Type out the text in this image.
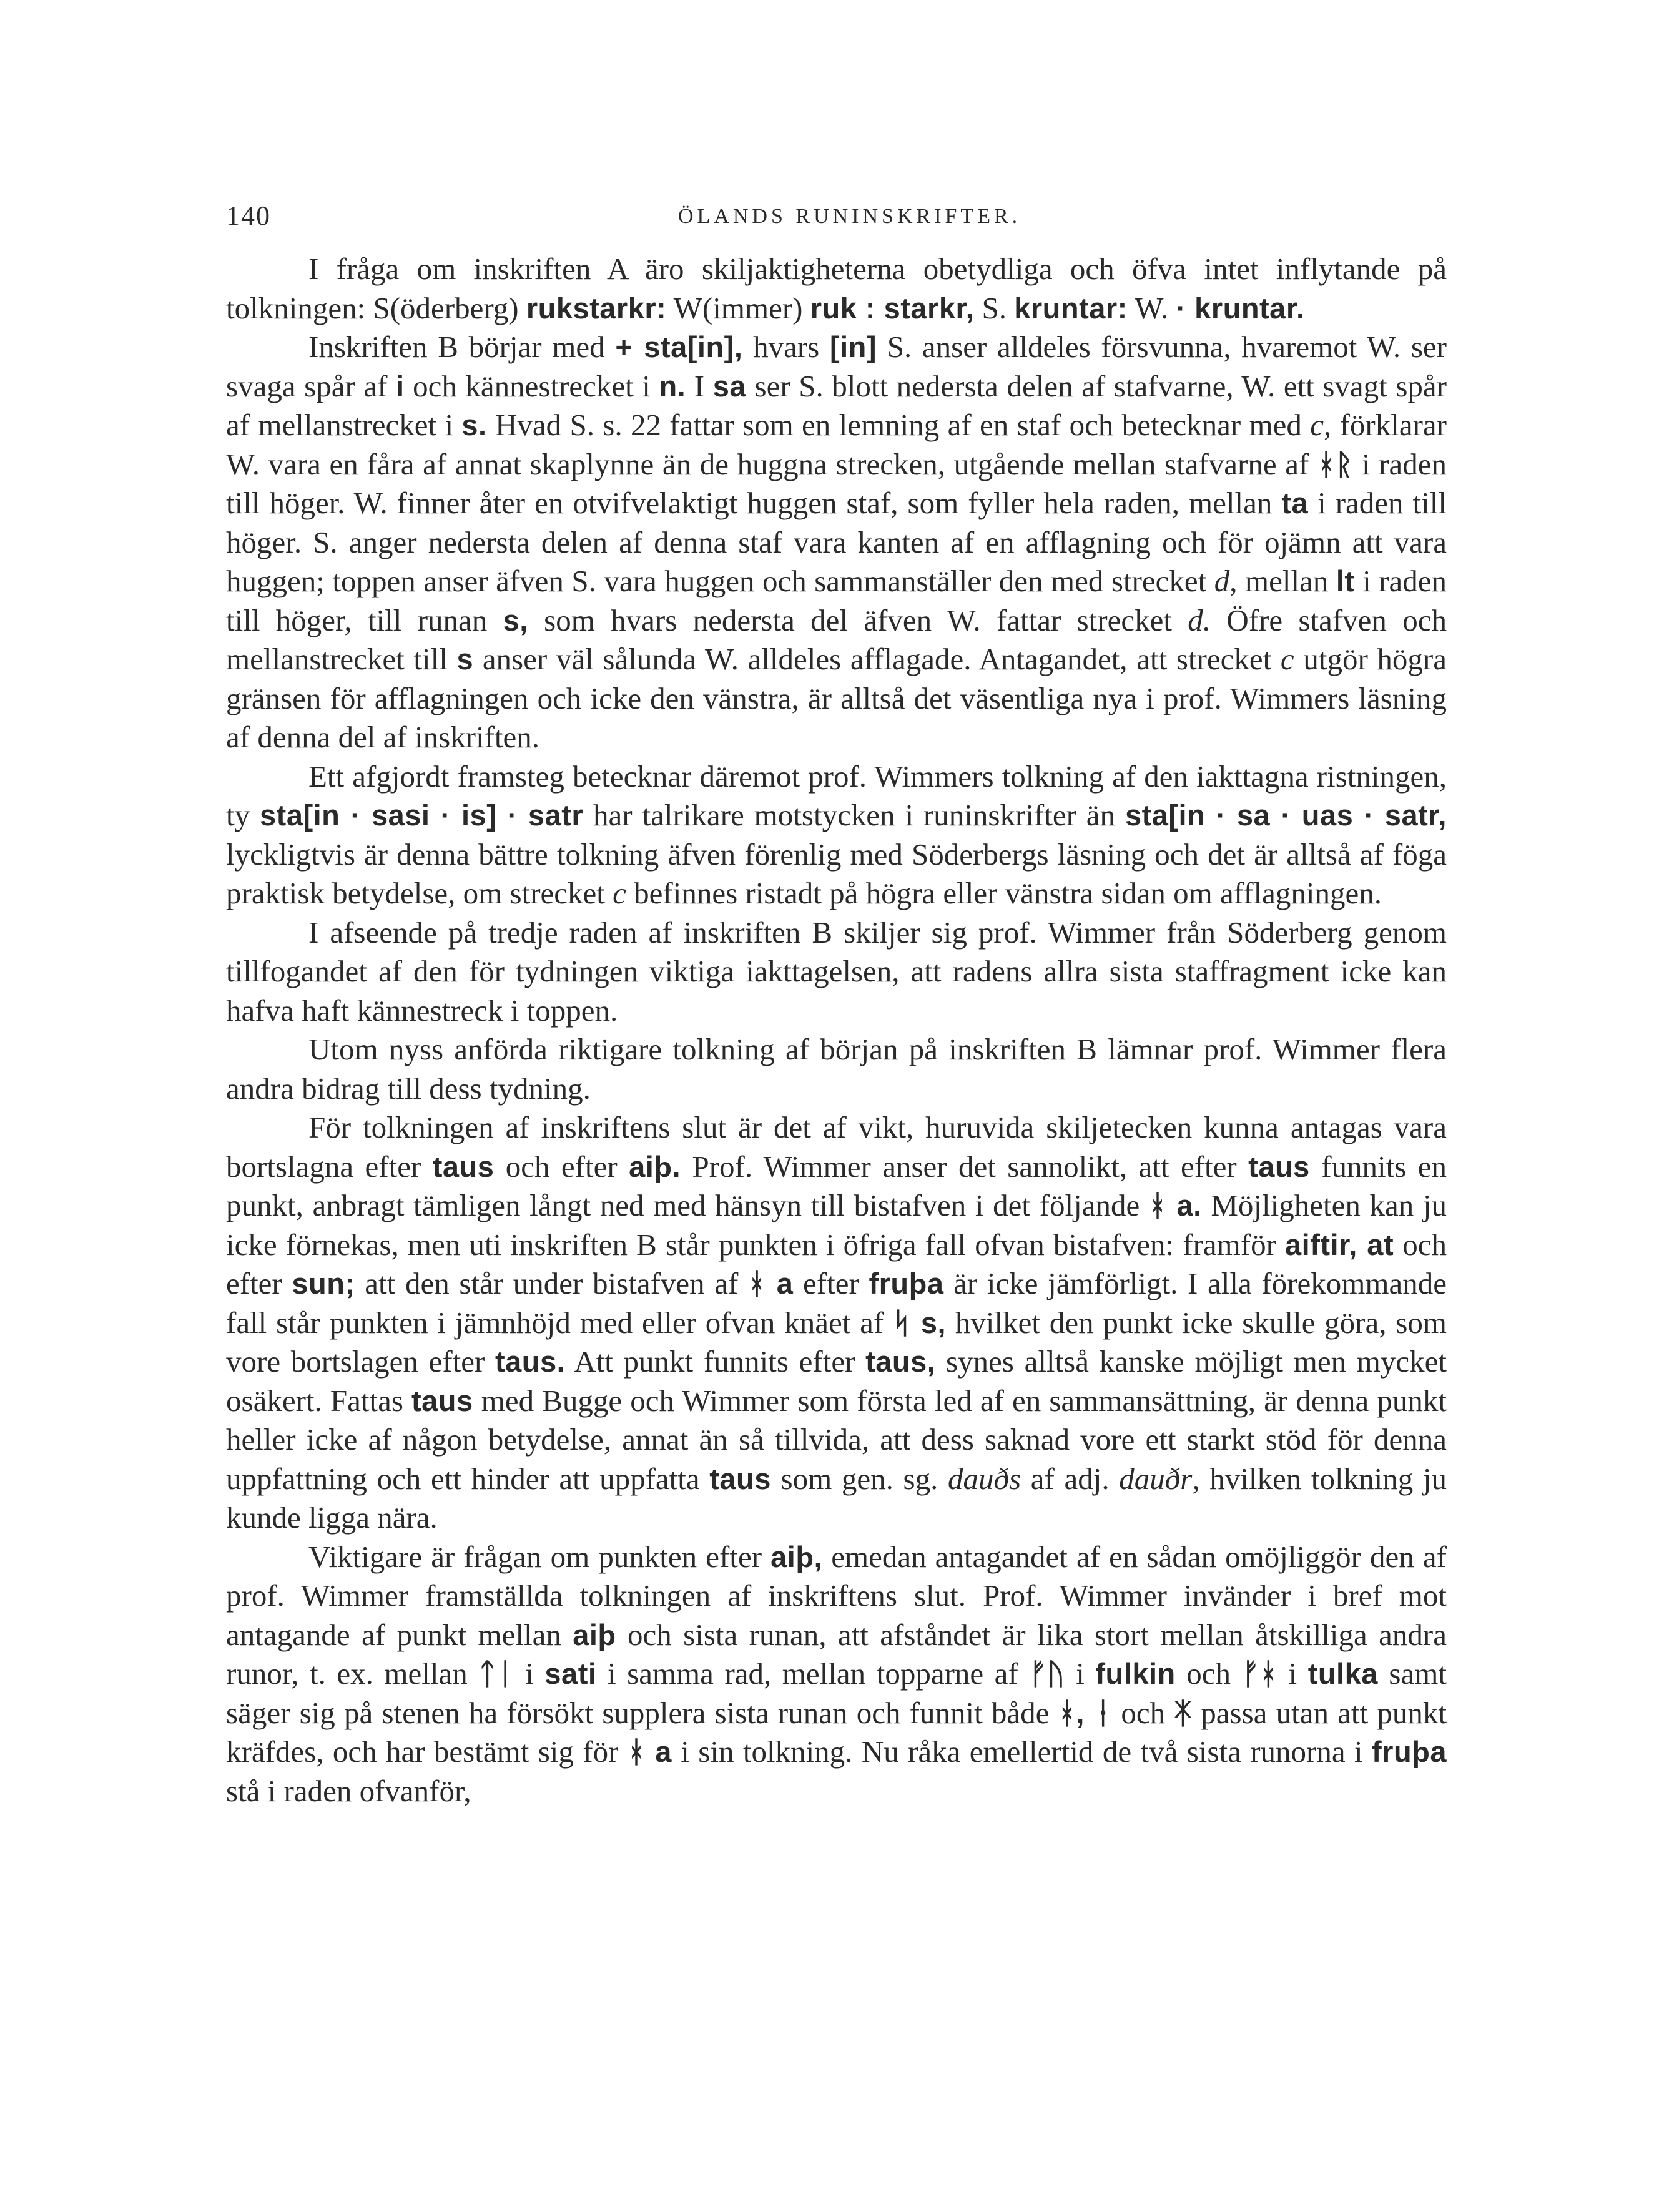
140	ÖLANDS RUNINSKRIFTER.

I fråga om inskriften A äro skiljaktigheterna obetydliga och öfva intet inflytande på tolkningen: S(öderberg) rukstarkr: W(immer) ruk : starkr, S. kruntar: W. · kruntar.

Inskriften B börjar med + sta[in], hvars [in] S. anser alldeles försvunna, hvaremot W. ser svaga spår af i och kännestrecket i n. I sa ser S. blott nedersta delen af stafvarne, W. ett svagt spår af mellanstrecket i s. Hvad S. s. 22 fattar som en lemning af en staf och betecknar med c, förklarar W. vara en fåra af annat skaplynne än de huggna strecken, utgående mellan stafvarne af ᚼᚱ i raden till höger. W. finner åter en otvifvelaktigt huggen staf, som fyller hela raden, mellan ta i raden till höger. S. anger nedersta delen af denna staf vara kanten af en afflagning och för ojämn att vara huggen; toppen anser äfven S. vara huggen och sammanställer den med strecket d, mellan lt i raden till höger, till runan s, som hvars nedersta del äfven W. fattar strecket d. Öfre stafven och mellanstrecket till s anser väl sålunda W. alldeles afflagade. Antagandet, att strecket c utgör högra gränsen för afflagningen och icke den vänstra, är alltså det väsentliga nya i prof. Wimmers läsning af denna del af inskriften.

Ett afgjordt framsteg betecknar däremot prof. Wimmers tolkning af den iakttagna ristningen, ty sta[in · sasi · is] · satr har talrikare motstycken i runinskrifter än sta[in · sa · uas · satr, lyckligtvis är denna bättre tolkning äfven förenlig med Söderbergs läsning och det är alltså af föga praktisk betydelse, om strecket c befinnes ristadt på högra eller vänstra sidan om afflagningen.

I afseende på tredje raden af inskriften B skiljer sig prof. Wimmer från Söderberg genom tillfogandet af den för tydningen viktiga iakttagelsen, att radens allra sista staffragment icke kan hafva haft kännestreck i toppen.

Utom nyss anförda riktigare tolkning af början på inskriften B lämnar prof. Wimmer flera andra bidrag till dess tydning.

För tolkningen af inskriftens slut är det af vikt, huruvida skiljetecken kunna antagas vara bortslagna efter taus och efter aiþ. Prof. Wimmer anser det sannolikt, att efter taus funnits en punkt, anbragt tämligen långt ned med hänsyn till bistafven i det följande ᚼ a. Möjligheten kan ju icke förnekas, men uti inskriften B står punkten i öfriga fall ofvan bistafven: framför aiftir, at och efter sun; att den står under bistafven af ᚼ a efter fruþa är icke jämförligt. I alla förekommande fall står punkten i jämnhöjd med eller ofvan knäet af ᛋ s, hvilket den punkt icke skulle göra, som vore bortslagen efter taus. Att punkt funnits efter taus, synes alltså kanske möjligt men mycket osäkert. Fattas taus med Bugge och Wimmer som första led af en sammansättning, är denna punkt heller icke af någon betydelse, annat än så tillvida, att dess saknad vore ett starkt stöd för denna uppfattning och ett hinder att uppfatta taus som gen. sg. dauðs af adj. dauðr, hvilken tolkning ju kunde ligga nära.

Viktigare är frågan om punkten efter aiþ, emedan antagandet af en sådan omöjliggör den af prof. Wimmer framställda tolkningen af inskriftens slut. Prof. Wimmer invänder i bref mot antagande af punkt mellan aiþ och sista runan, att afståndet är lika stort mellan åtskilliga andra runor, t. ex. mellan ᛏᛁ i sati i samma rad, mellan topparne af ᚠᚢ i fulkin och ᚠᚼ i tulka samt säger sig på stenen ha försökt supplera sista runan och funnit både ᚼ, ᚽ och ᛡ passa utan att punkt kräfdes, och har bestämt sig för ᚼ a i sin tolkning. Nu råka emellertid de två sista runorna i fruþa stå i raden ofvanför,
